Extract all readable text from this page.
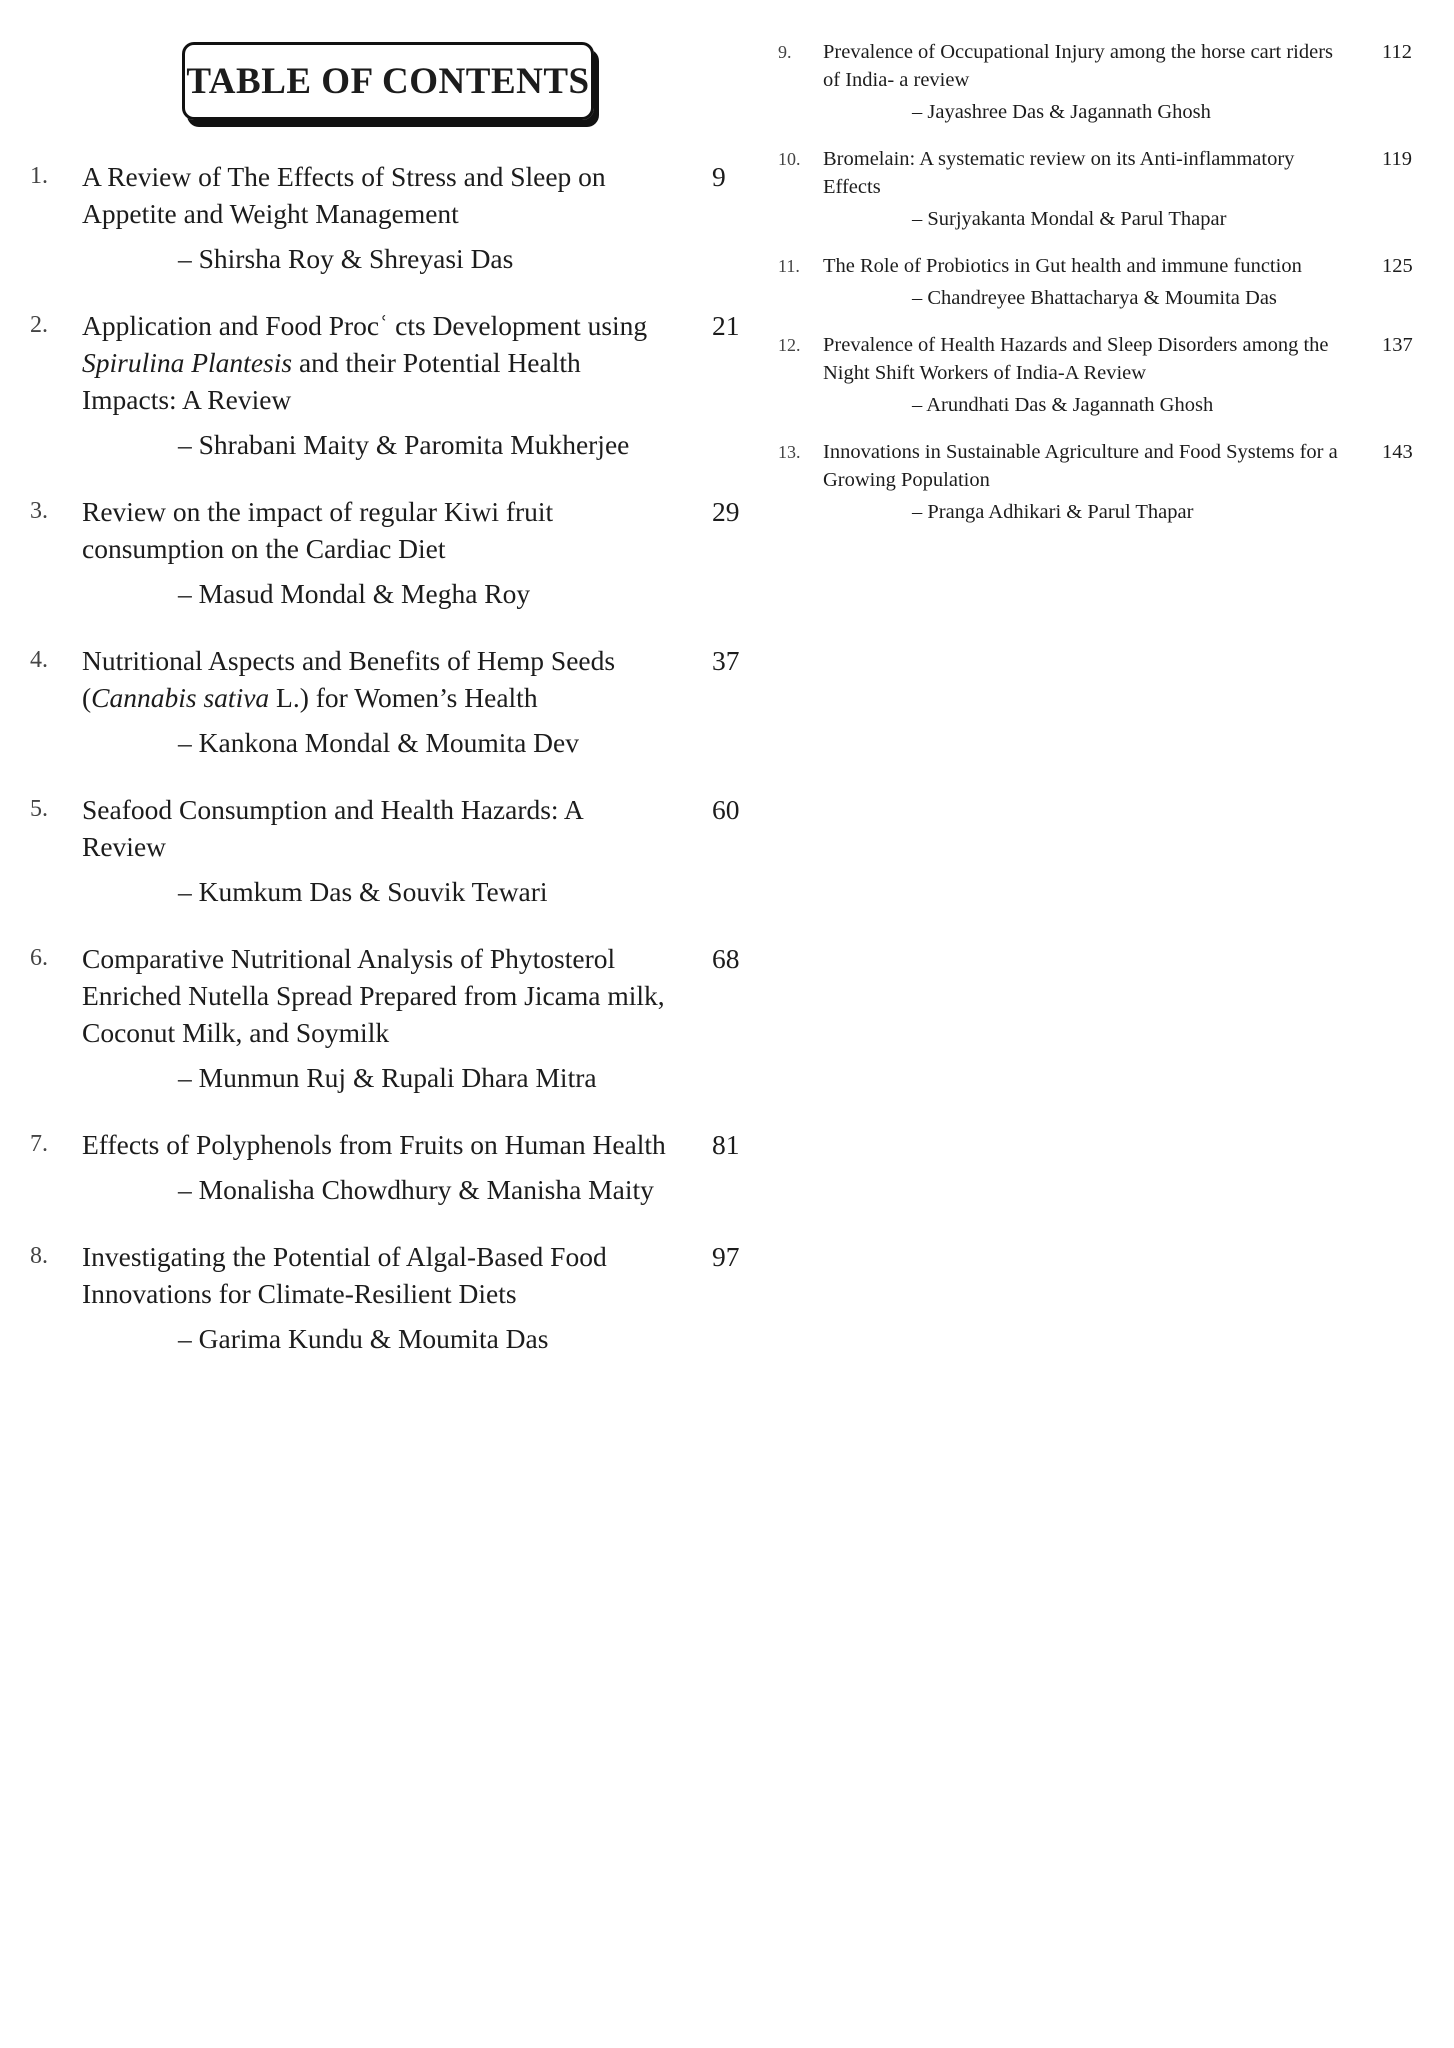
TABLE OF CONTENTS
1. A Review of The Effects of Stress and Sleep on Appetite and Weight Management
– Shirsha Roy & Shreyasi Das
9
2. Application and Food Procʿ cts Development using Spirulina Plantesis and their Potential Health Impacts: A Review
– Shrabani Maity & Paromita Mukherjee
21
3. Review on the impact of regular Kiwi fruit consumption on the Cardiac Diet
– Masud Mondal & Megha Roy
29
4. Nutritional Aspects and Benefits of Hemp Seeds (Cannabis sativa L.) for Women’s Health
– Kankona Mondal & Moumita Dev
37
5. Seafood Consumption and Health Hazards: A Review
– Kumkum Das & Souvik Tewari
60
6. Comparative Nutritional Analysis of Phytosterol Enriched Nutella Spread Prepared from Jicama milk, Coconut Milk, and Soymilk
– Munmun Ruj & Rupali Dhara Mitra
68
7. Effects of Polyphenols from Fruits on Human Health
– Monalisha Chowdhury & Manisha Maity
81
8. Investigating the Potential of Algal-Based Food Innovations for Climate-Resilient Diets
– Garima Kundu & Moumita Das
97
9. Prevalence of Occupational Injury among the horse cart riders of India- a review
– Jayashree Das & Jagannath Ghosh
112
10. Bromelain: A systematic review on its Anti-inflammatory Effects
– Surjyakanta Mondal & Parul Thapar
119
11. The Role of Probiotics in Gut health and immune function
– Chandreyee Bhattacharya & Moumita Das
125
12. Prevalence of Health Hazards and Sleep Disorders among the Night Shift Workers of India-A Review
– Arundhati Das & Jagannath Ghosh
137
13. Innovations in Sustainable Agriculture and Food Systems for a Growing Population
– Pranga Adhikari & Parul Thapar
143
